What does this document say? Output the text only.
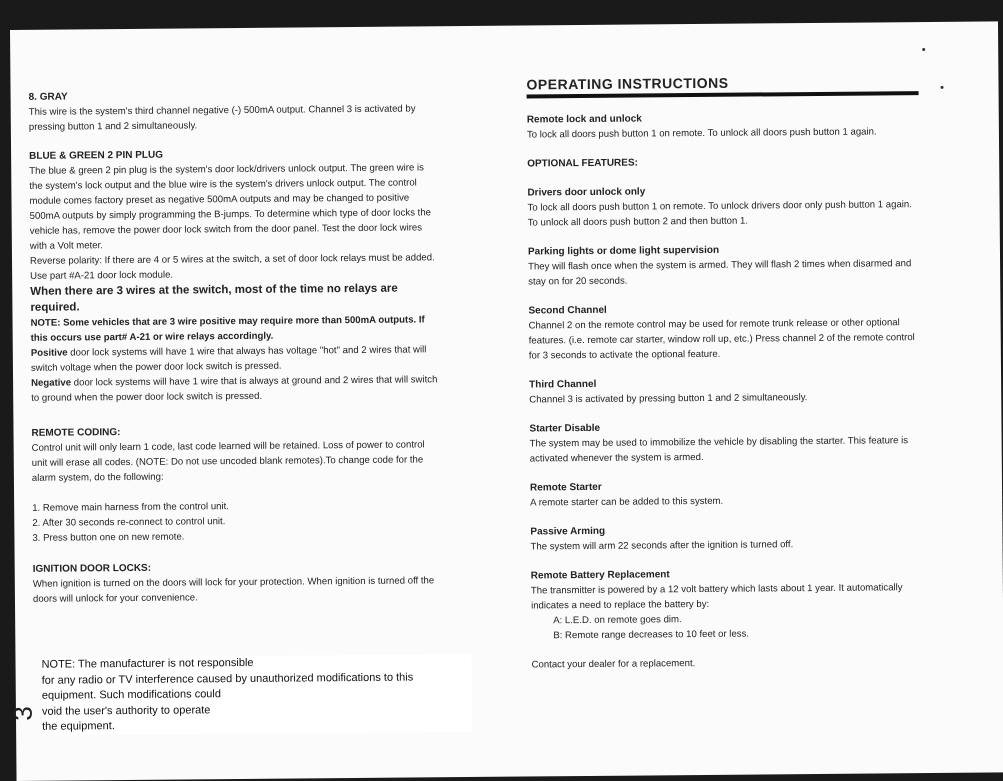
8. GRAY

This wire is the system's third channel negative (-) 500mA output. Channel 3 is activated by pressing button 1 and 2 simultaneously.

BLUE & GREEN 2 PIN PLUG

The blue & green 2 pin plug is the system's door lock/drivers unlock output. The green wire is the system's lock output and the blue wire is the system's drivers unlock output. The control module comes factory preset as negative 500mA outputs and may be changed to positive 500mA outputs by simply programming the B-jumps. To determine which type of door locks the vehicle has, remove the power door lock switch from the door panel. Test the door lock wires with a Volt meter.

Reverse polarity: If there are 4 or 5 wires at the switch, a set of door lock relays must be added. Use part #A-21 door lock module.

When there are 3 wires at the switch, most of the time no relays are required.

NOTE: Some vehicles that are 3 wire positive may require more than 500mA outputs. If this occurs use part# A-21 or wire relays accordingly.

Positive door lock systems will have 1 wire that always has voltage "hot" and 2 wires that will switch voltage when the power door lock switch is pressed.

Negative door lock systems will have 1 wire that is always at ground and 2 wires that will switch to ground when the power door lock switch is pressed.

REMOTE CODING:

Control unit will only learn 1 code, last code learned will be retained. Loss of power to control unit will erase all codes. (NOTE: Do not use uncoded blank remotes).To change code for the alarm system, do the following:

1. Remove main harness from the control unit.
2. After 30 seconds re-connect to control unit.
3. Press button one on new remote.

IGNITION DOOR LOCKS:

When ignition is turned on the doors will lock for your protection. When ignition is turned off the doors will unlock for your convenience.

NOTE: The manufacturer is not responsible
for any radio or TV interference caused by unauthorized modifications to this
equipment. Such modifications could
void the user's authority to operate
the equipment.
3
OPERATING INSTRUCTIONS

Remote lock and unlock

To lock all doors push button 1 on remote. To unlock all doors push button 1 again.

OPTIONAL FEATURES:

Drivers door unlock only

To lock all doors push button 1 on remote. To unlock drivers door only push button 1 again. To unlock all doors push button 2 and then button 1.

Parking lights or dome light supervision

They will flash once when the system is armed. They will flash 2 times when disarmed and stay on for 20 seconds.

Second Channel

Channel 2 on the remote control may be used for remote trunk release or other optional features. (i.e. remote car starter, window roll up, etc.) Press channel 2 of the remote control for 3 seconds to activate the optional feature.

Third Channel

Channel 3 is activated by pressing button 1 and 2 simultaneously.

Starter Disable

The system may be used to immobilize the vehicle by disabling the starter. This feature is activated whenever the system is armed.

Remote Starter

A remote starter can be added to this system.

Passive Arming

The system will arm 22 seconds after the ignition is turned off.

Remote Battery Replacement

The transmitter is powered by a 12 volt battery which lasts about 1 year. It automatically indicates a need to replace the battery by:

A: L.E.D. on remote goes dim.

B: Remote range decreases to 10 feet or less.

Contact your dealer for a replacement.
